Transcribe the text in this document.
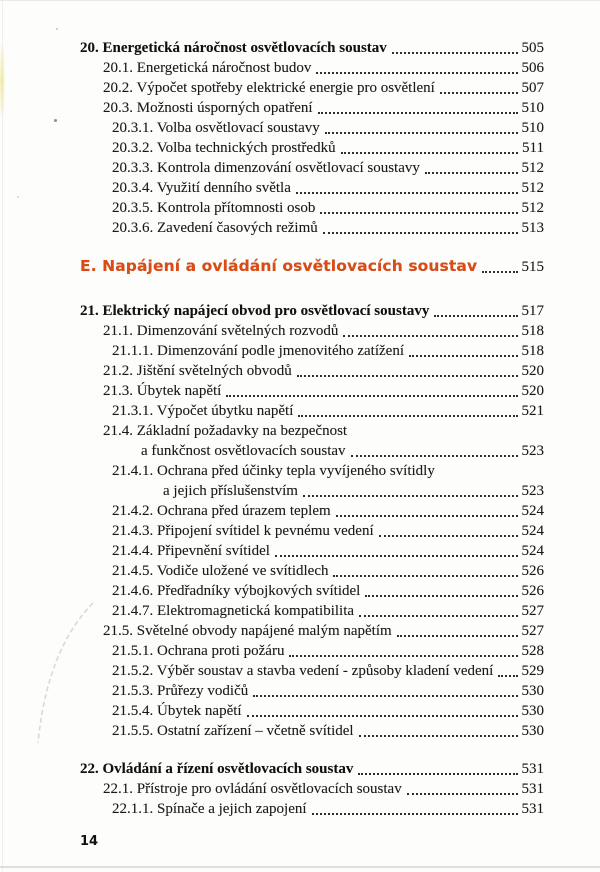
20. Energetická náročnost osvětlovacích soustav	505
20.1. Energetická náročnost budov	506
20.2. Výpočet spotřeby elektrické energie pro osvětlení	507
20.3. Možnosti úsporných opatření	510
20.3.1. Volba osvětlovací soustavy	510
20.3.2. Volba technických prostředků	511
20.3.3. Kontrola dimenzování osvětlovací soustavy	512
20.3.4. Využití denního světla	512
20.3.5. Kontrola přítomnosti osob	512
20.3.6. Zavedení časových režimů	513
E. Napájení a ovládání osvětlovacích soustav	515
21. Elektrický napájecí obvod pro osvětlovací soustavy	517
21.1. Dimenzování světelných rozvodů	518
21.1.1. Dimenzování podle jmenovitého zatížení	518
21.2. Jištění světelných obvodů	520
21.3. Úbytek napětí	520
21.3.1. Výpočet úbytku napětí	521
21.4. Základní požadavky na bezpečnost
a funkčnost osvětlovacích soustav	523
21.4.1. Ochrana před účinky tepla vyvíjeného svítidly
a jejich příslušenstvím	523
21.4.2. Ochrana před úrazem teplem	524
21.4.3. Připojení svítidel k pevnému vedení	524
21.4.4. Připevnění svítidel	524
21.4.5. Vodiče uložené ve svítidlech	526
21.4.6. Předřadníky výbojkových svítidel	526
21.4.7. Elektromagnetická kompatibilita	527
21.5. Světelné obvody napájené malým napětím	527
21.5.1. Ochrana proti požáru	528
21.5.2. Výběr soustav a stavba vedení - způsoby kladení vedení 529
21.5.3. Průřezy vodičů	530
21.5.4. Úbytek napětí	530
21.5.5. Ostatní zařízení – včetně svítidel	530
22. Ovládání a řízení osvětlovacích soustav	531
22.1. Přístroje pro ovládání osvětlovacích soustav	531
22.1.1. Spínače a jejich zapojení	531
14
